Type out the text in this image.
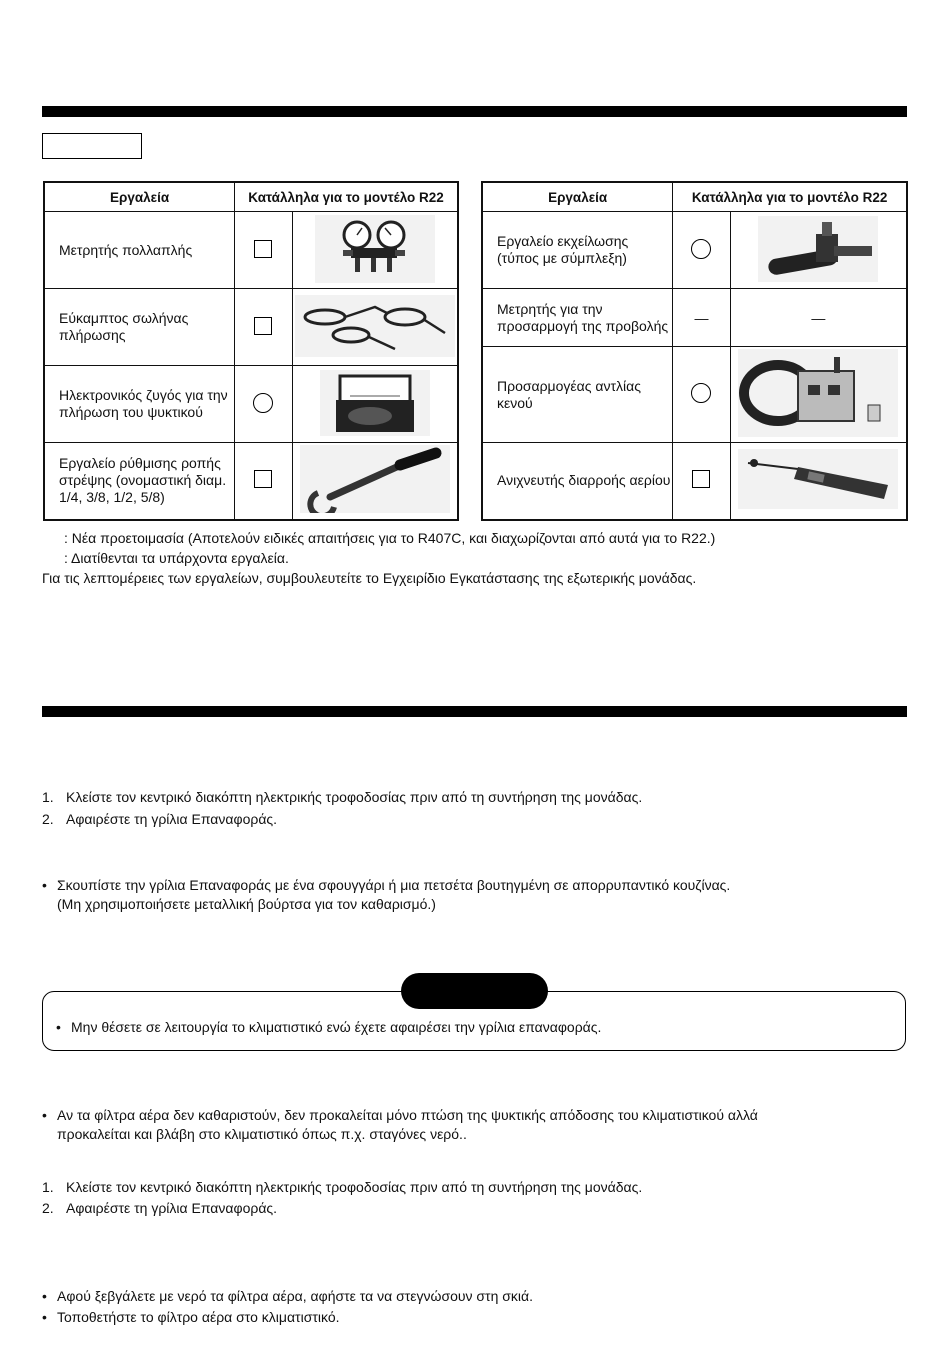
Εργαλεία	Κατάλληλα για το μοντέλο R22	
Μετρητής πολλαπλής		
Εύκαμπτος σωλήνας πλήρωσης		
Ηλεκτρονικός ζυγός για την πλήρωση του ψυκτικού		
Εργαλείο ρύθμισης ροπής στρέψης (ονομαστική διαμ. 1/4, 3/8, 1/2, 5/8)		
Εργαλεία	Κατάλληλα για το μοντέλο R22	
Εργαλείο εκχείλωσης (τύπος με σύμπλεξη)		
Μετρητής για την προσαρμογή της προβολής	—	—
Προσαρμογέας αντλίας κενού		
Ανιχνευτής διαρροής αερίου		
: Νέα προετοιμασία (Αποτελούν ειδικές απαιτήσεις για το R407C, και διαχωρίζονται από αυτά για το R22.)
: Διατίθενται τα υπάρχοντα εργαλεία.
Για τις λεπτομέρειες των εργαλείων, συμβουλευτείτε το Εγχειρίδιο Εγκατάστασης της εξωτερικής μονάδας.
1. Κλείστε τον κεντρικό διακόπτη ηλεκτρικής τροφοδοσίας πριν από τη συντήρηση της μονάδας.
2. Αφαιρέστε τη γρίλια Επαναφοράς.
• Σκουπίστε την γρίλια Επαναφοράς με ένα σφουγγάρι ή μια πετσέτα βουτηγμένη σε απορρυπαντικό κουζίνας.
(Μη χρησιμοποιήσετε μεταλλική βούρτσα για τον καθαρισμό.)
• Μην θέσετε σε λειτουργία το κλιματιστικό ενώ έχετε αφαιρέσει την γρίλια επαναφοράς.
• Αν τα φίλτρα αέρα δεν καθαριστούν, δεν προκαλείται μόνο πτώση της ψυκτικής απόδοσης του κλιματιστικού αλλά
προκαλείται και βλάβη στο κλιματιστικό όπως π.χ. σταγόνες νερό..
1. Κλείστε τον κεντρικό διακόπτη ηλεκτρικής τροφοδοσίας πριν από τη συντήρηση της μονάδας.
2. Αφαιρέστε τη γρίλια Επαναφοράς.
• Αφού ξεβγάλετε με νερό τα φίλτρα αέρα, αφήστε τα να στεγνώσουν στη σκιά.
• Τοποθετήστε το φίλτρο αέρα στο κλιματιστικό.
